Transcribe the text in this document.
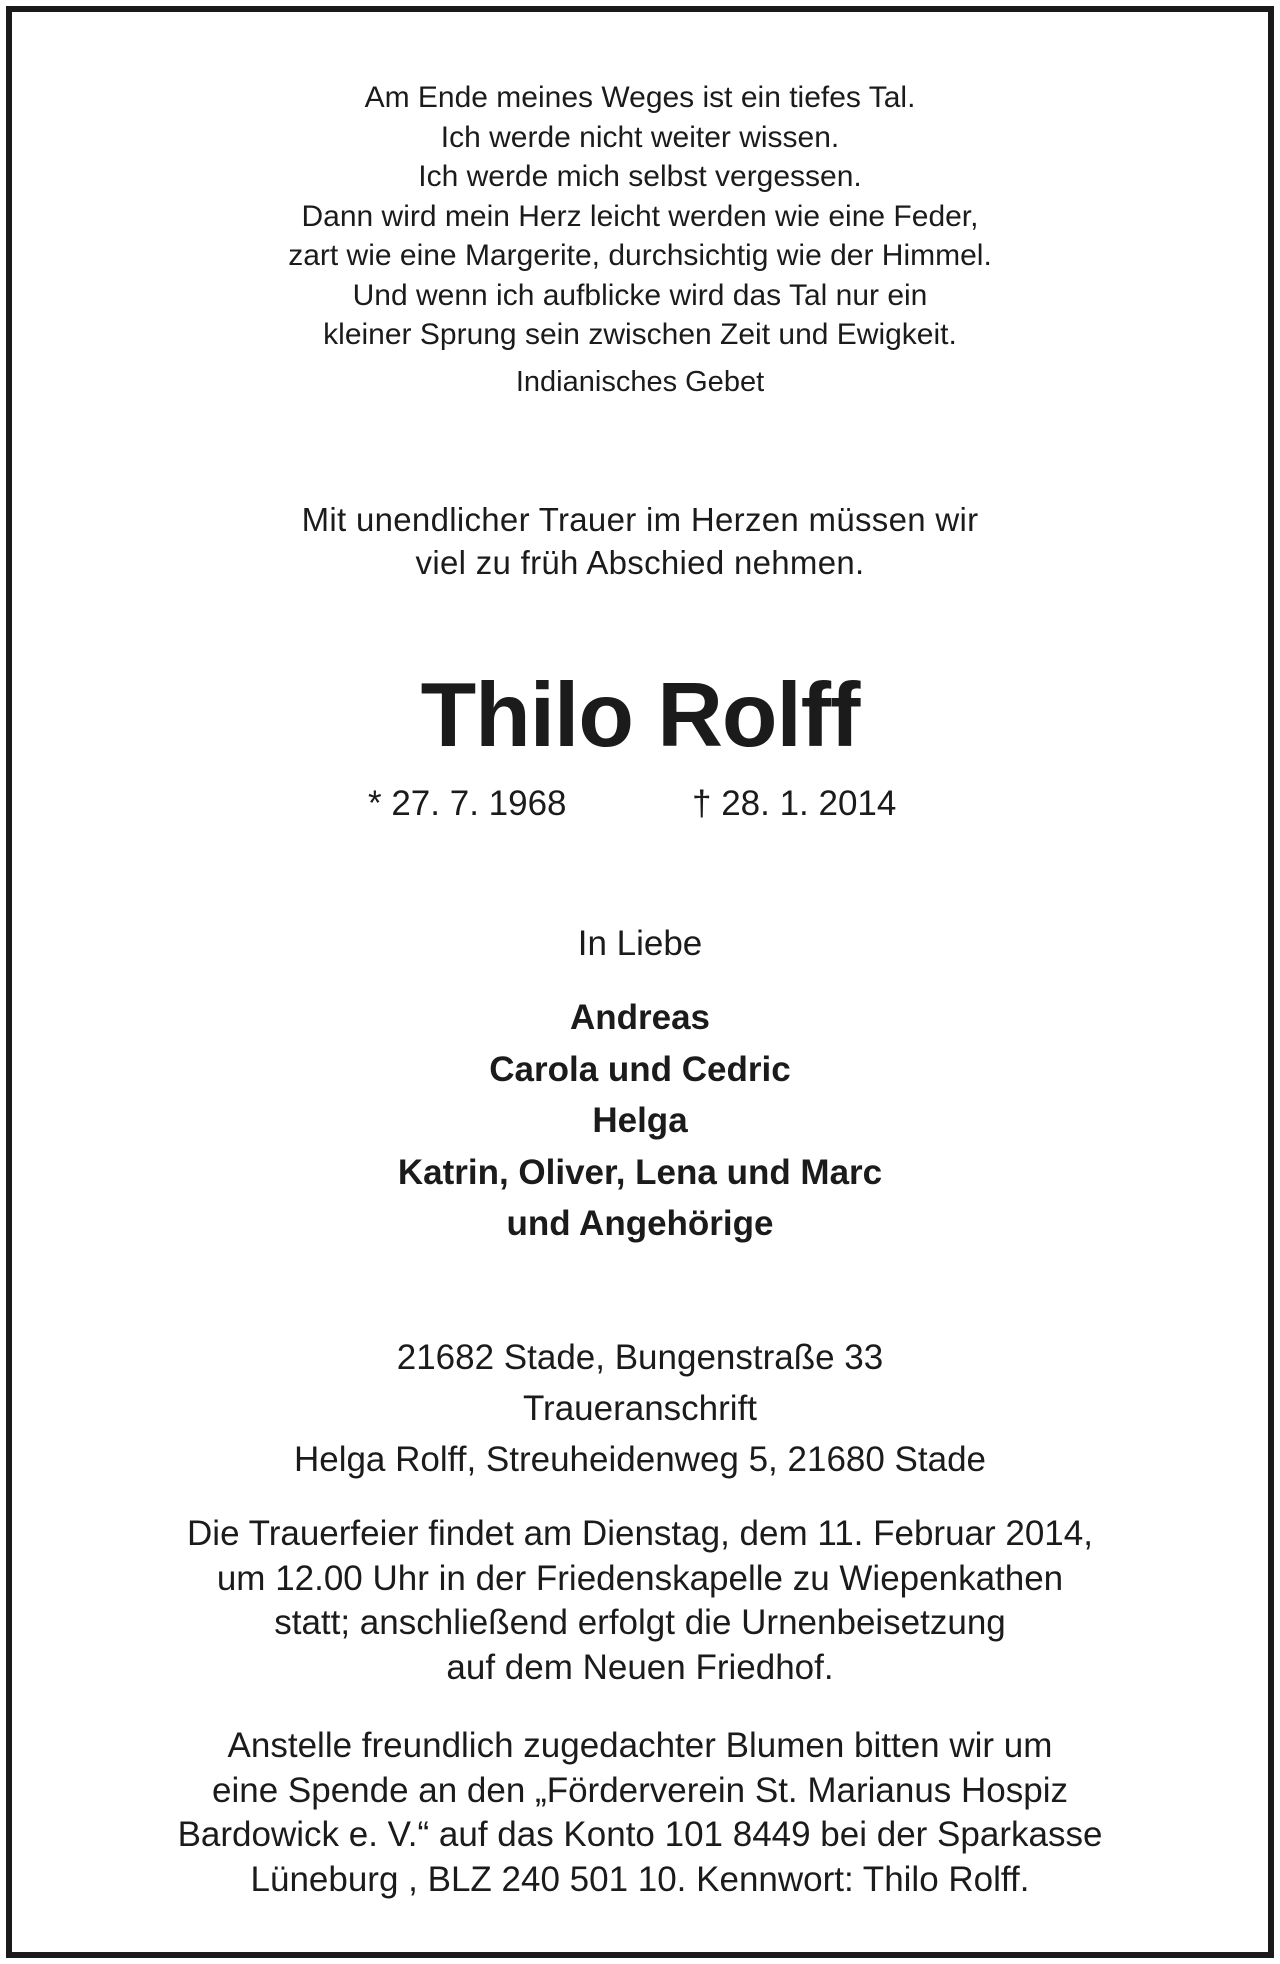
Am Ende meines Weges ist ein tiefes Tal.
Ich werde nicht weiter wissen.
Ich werde mich selbst vergessen.
Dann wird mein Herz leicht werden wie eine Feder,
zart wie eine Margerite, durchsichtig wie der Himmel.
Und wenn ich aufblicke wird das Tal nur ein
kleiner Sprung sein zwischen Zeit und Ewigkeit.
Indianisches Gebet
Mit unendlicher Trauer im Herzen müssen wir
viel zu früh Abschied nehmen.
Thilo Rolff
* 27. 7. 1968	† 28. 1. 2014
In Liebe
Andreas
Carola und Cedric
Helga
Katrin, Oliver, Lena und Marc
und Angehörige
21682 Stade, Bungenstraße 33
Traueranschrift
Helga Rolff, Streuheidenweg 5, 21680 Stade
Die Trauerfeier findet am Dienstag, dem 11. Februar 2014,
um 12.00 Uhr in der Friedenskapelle zu Wiepenkathen
statt; anschließend erfolgt die Urnenbeisetzung
auf dem Neuen Friedhof.
Anstelle freundlich zugedachter Blumen bitten wir um
eine Spende an den „Förderverein St. Marianus Hospiz
Bardowick e. V.“ auf das Konto 101 8449 bei der Sparkasse
Lüneburg , BLZ 240 501 10. Kennwort: Thilo Rolff.
